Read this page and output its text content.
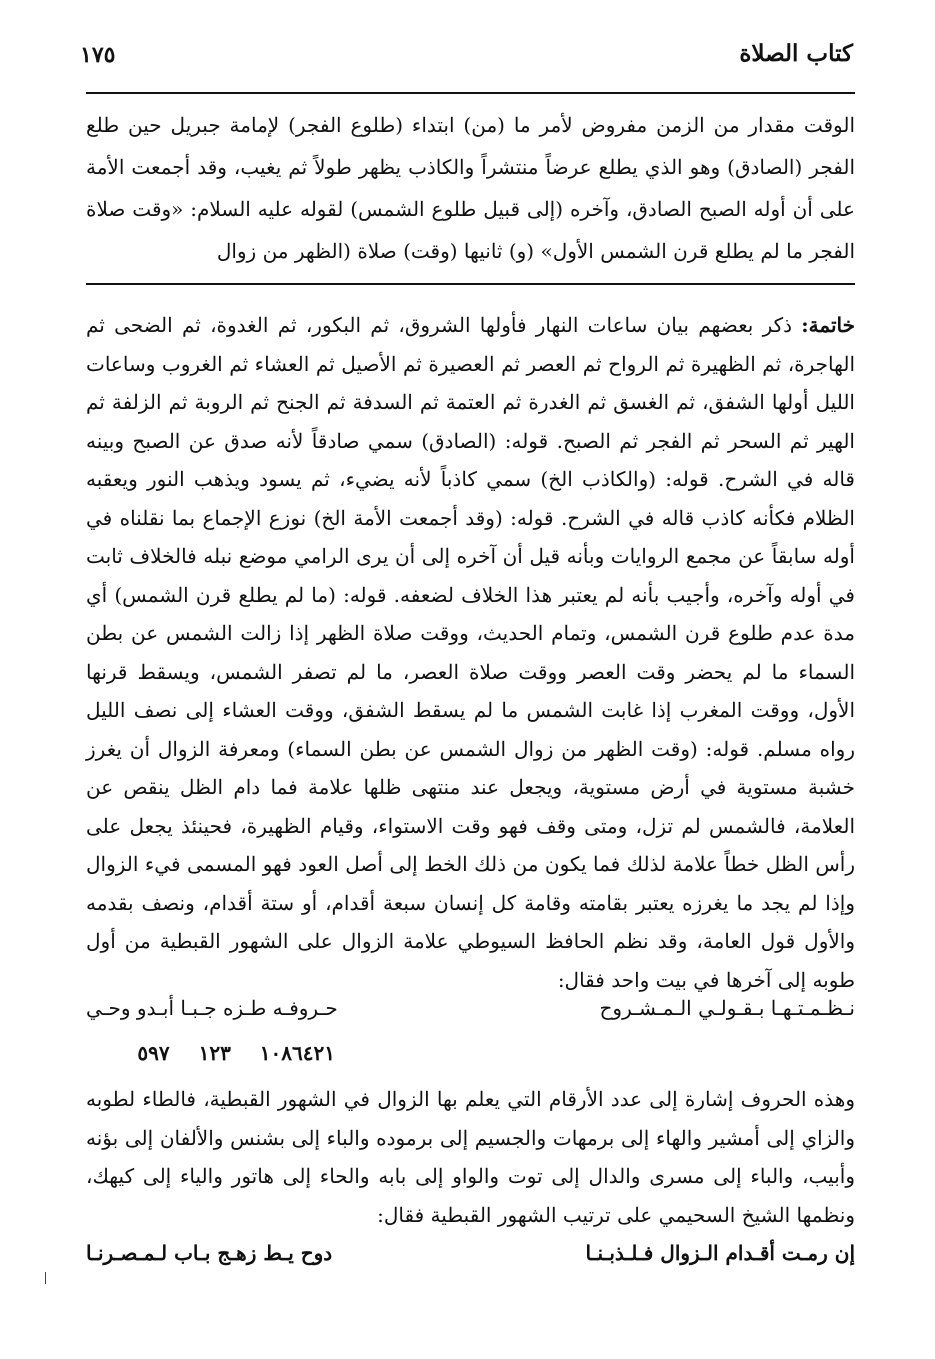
١٧٥	كتاب الصلاة
الوقت مقدار من الزمن مفروض لأمر ما (من) ابتداء (طلوع الفجر) لإمامة جبريل حين طلع الفجر (الصادق) وهو الذي يطلع عرضاً منتشراً والكاذب يظهر طولاً ثم يغيب، وقد أجمعت الأمة على أن أوله الصبح الصادق، وآخره (إلى قبيل طلوع الشمس) لقوله عليه السلام: «وقت صلاة الفجر ما لم يطلع قرن الشمس الأول» (و) ثانيها (وقت) صلاة (الظهر من زوال

خاتمة: ذكر بعضهم بيان ساعات النهار فأولها الشروق، ثم البكور، ثم الغدوة، ثم الضحى ثم الهاجرة، ثم الظهيرة ثم الرواح ثم العصر ثم العصيرة ثم الأصيل ثم العشاء ثم الغروب وساعات الليل أولها الشفق، ثم الغسق ثم الغدرة ثم العتمة ثم السدفة ثم الجنح ثم الروبة ثم الزلفة ثم الهير ثم السحر ثم الفجر ثم الصبح. قوله: (الصادق) سمي صادقاً لأنه صدق عن الصبح وبينه قاله في الشرح. قوله: (والكاذب الخ) سمي كاذباً لأنه يضيء، ثم يسود ويذهب النور ويعقبه الظلام فكأنه كاذب قاله في الشرح. قوله: (وقد أجمعت الأمة الخ) نوزع الإجماع بما نقلناه في أوله سابقاً عن مجمع الروايات وبأنه قيل أن آخره إلى أن يرى الرامي موضع نبله فالخلاف ثابت في أوله وآخره، وأجيب بأنه لم يعتبر هذا الخلاف لضعفه. قوله: (ما لم يطلع قرن الشمس) أي مدة عدم طلوع قرن الشمس، وتمام الحديث، ووقت صلاة الظهر إذا زالت الشمس عن بطن السماء ما لم يحضر وقت العصر ووقت صلاة العصر، ما لم تصفر الشمس، ويسقط قرنها الأول، ووقت المغرب إذا غابت الشمس ما لم يسقط الشفق، ووقت العشاء إلى نصف الليل رواه مسلم. قوله: (وقت الظهر من زوال الشمس عن بطن السماء) ومعرفة الزوال أن يغرز خشبة مستوية في أرض مستوية، ويجعل عند منتهى ظلها علامة فما دام الظل ينقص عن العلامة، فالشمس لم تزل، ومتى وقف فهو وقت الاستواء، وقيام الظهيرة، فحينئذ يجعل على رأس الظل خطاً علامة لذلك فما يكون من ذلك الخط إلى أصل العود فهو المسمى فيء الزوال وإذا لم يجد ما يغرزه يعتبر بقامته وقامة كل إنسان سبعة أقدام، أو ستة أقدام، ونصف بقدمه والأول قول العامة، وقد نظم الحافظ السيوطي علامة الزوال على الشهور القبطية من أول طوبه إلى آخرها في بيت واحد فقال:

نـظـمـتـهـا بـقـولـي الـمـشـروح
حـروفـه طـزه جـبـا أبـدو وحـي
١٠٨٦٤٢١ ١٢٣ ٥٩٧

وهذه الحروف إشارة إلى عدد الأرقام التي يعلم بها الزوال في الشهور القبطية، فالطاء لطوبه والزاي إلى أمشير والهاء إلى برمهات والجسيم إلى برموده والباء إلى بشنس والألفان إلى بؤنه وأبيب، والباء إلى مسرى والدال إلى توت والواو إلى بابه والحاء إلى هاتور والياء إلى كيهك، ونظمها الشيخ السحيمي على ترتيب الشهور القبطية فقال:

إن رمـت أقـدام الـزوال فـلـذبـنـا
دوح يـط زهـج بـاب لـمـصـرنـا
